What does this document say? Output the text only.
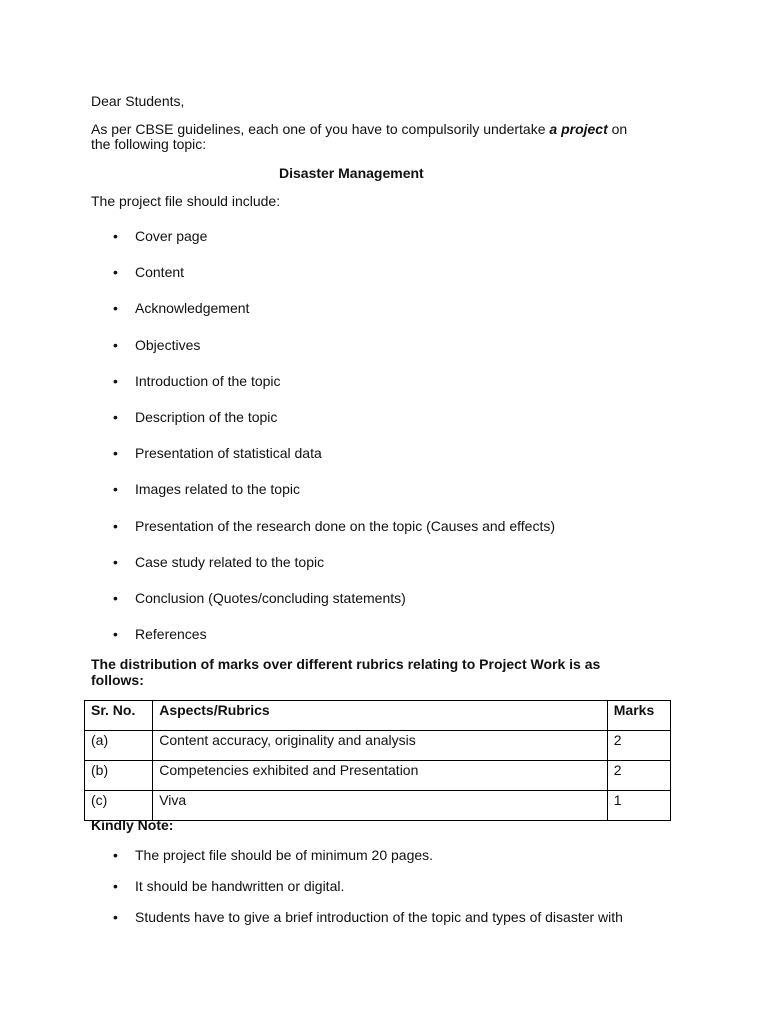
Dear Students,
As per CBSE guidelines, each one of you have to compulsorily undertake a project on
the following topic:
Disaster Management
The project file should include:
•	Cover page
•	Content
•	Acknowledgement
•	Objectives
•	Introduction of the topic
•	Description of the topic
•	Presentation of statistical data
•	Images related to the topic
•	Presentation of the research done on the topic (Causes and effects)
•	Case study related to the topic
•	Conclusion (Quotes/concluding statements)
•	References
The distribution of marks over different rubrics relating to Project Work is as
follows:
Sr. No.	Aspects/Rubrics	Marks
(a)	Content accuracy, originality and analysis	2
(b)	Competencies exhibited and Presentation	2
(c)	Viva	1
Kindly Note:
• The project file should be of minimum 20 pages.
• It should be handwritten or digital.
• Students have to give a brief introduction of the topic and types of disaster with
